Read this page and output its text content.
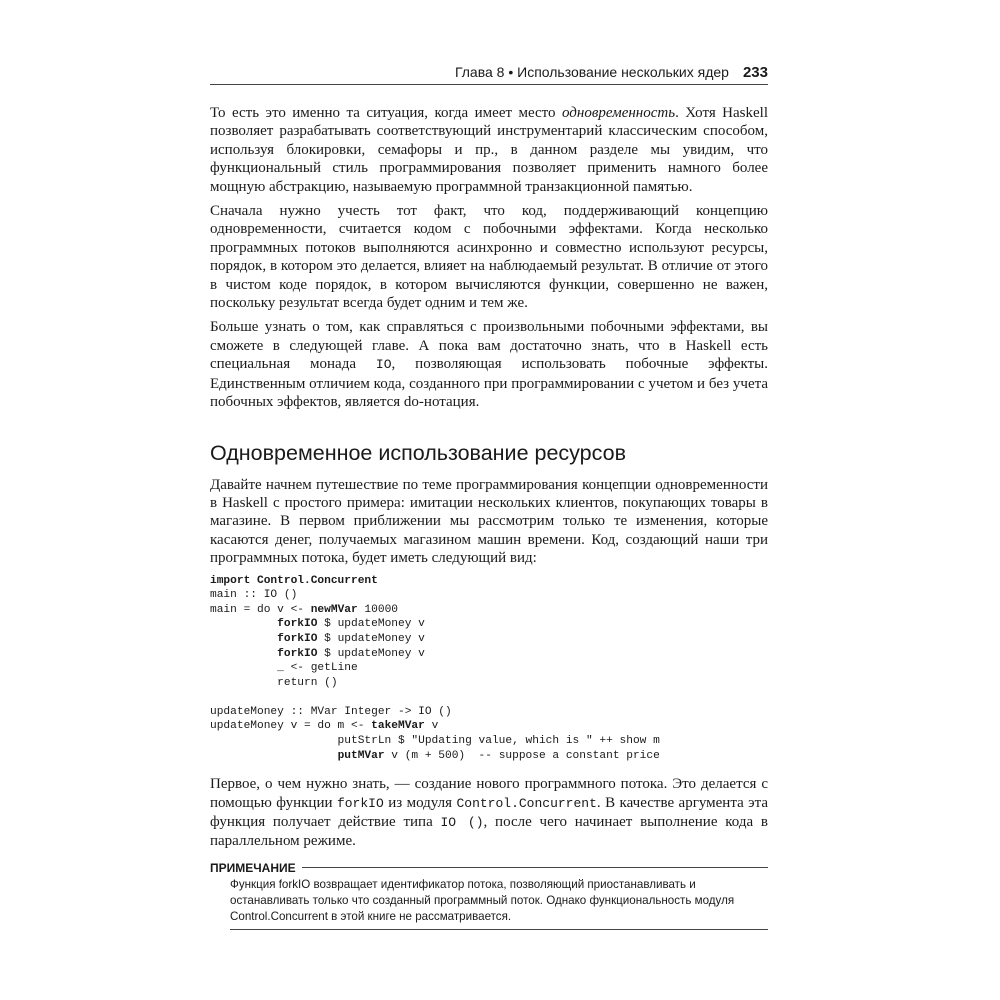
Глава 8 • Использование нескольких ядер 233

То есть это именно та ситуация, когда имеет место одновременность. Хотя Haskell позволяет разрабатывать соответствующий инструментарий классическим способом, используя блокировки, семафоры и пр., в данном разделе мы увидим, что функциональный стиль программирования позволяет применить намного более мощную абстракцию, называемую программной транзакционной памятью.

Сначала нужно учесть тот факт, что код, поддерживающий концепцию одновременности, считается кодом с побочными эффектами. Когда несколько программных потоков выполняются асинхронно и совместно используют ресурсы, порядок, в котором это делается, влияет на наблюдаемый результат. В отличие от этого в чистом коде порядок, в котором вычисляются функции, совершенно не важен, поскольку результат всегда будет одним и тем же.

Больше узнать о том, как справляться с произвольными побочными эффектами, вы сможете в следующей главе. А пока вам достаточно знать, что в Haskell есть специальная монада IO, позволяющая использовать побочные эффекты. Единственным отличием кода, созданного при программировании с учетом и без учета побочных эффектов, является do-нотация.

Одновременное использование ресурсов

Давайте начнем путешествие по теме программирования концепции одновременности в Haskell с простого примера: имитации нескольких клиентов, покупающих товары в магазине. В первом приближении мы рассмотрим только те изменения, которые касаются денег, получаемых магазином машин времени. Код, создающий наши три программных потока, будет иметь следующий вид:

import Control.Concurrent
main :: IO ()
main = do v <- newMVar 10000
forkIO $ updateMoney v
forkIO $ updateMoney v
forkIO $ updateMoney v
_ <- getLine
return ()
updateMoney :: MVar Integer -> IO ()
updateMoney v = do m <- takeMVar v
putStrLn $ "Updating value, which is " ++ show m
putMVar v (m + 500)  -- suppose a constant price

Первое, о чем нужно знать, — создание нового программного потока. Это делается с помощью функции forkIO из модуля Control.Concurrent. В качестве аргумента эта функция получает действие типа IO (), после чего начинает выполнение кода в параллельном режиме.

ПРИМЕЧАНИЕ
Функция forkIO возвращает идентификатор потока, позволяющий приостанавливать и останавливать только что созданный программный поток. Однако функциональность модуля Control.Concurrent в этой книге не рассматривается.
